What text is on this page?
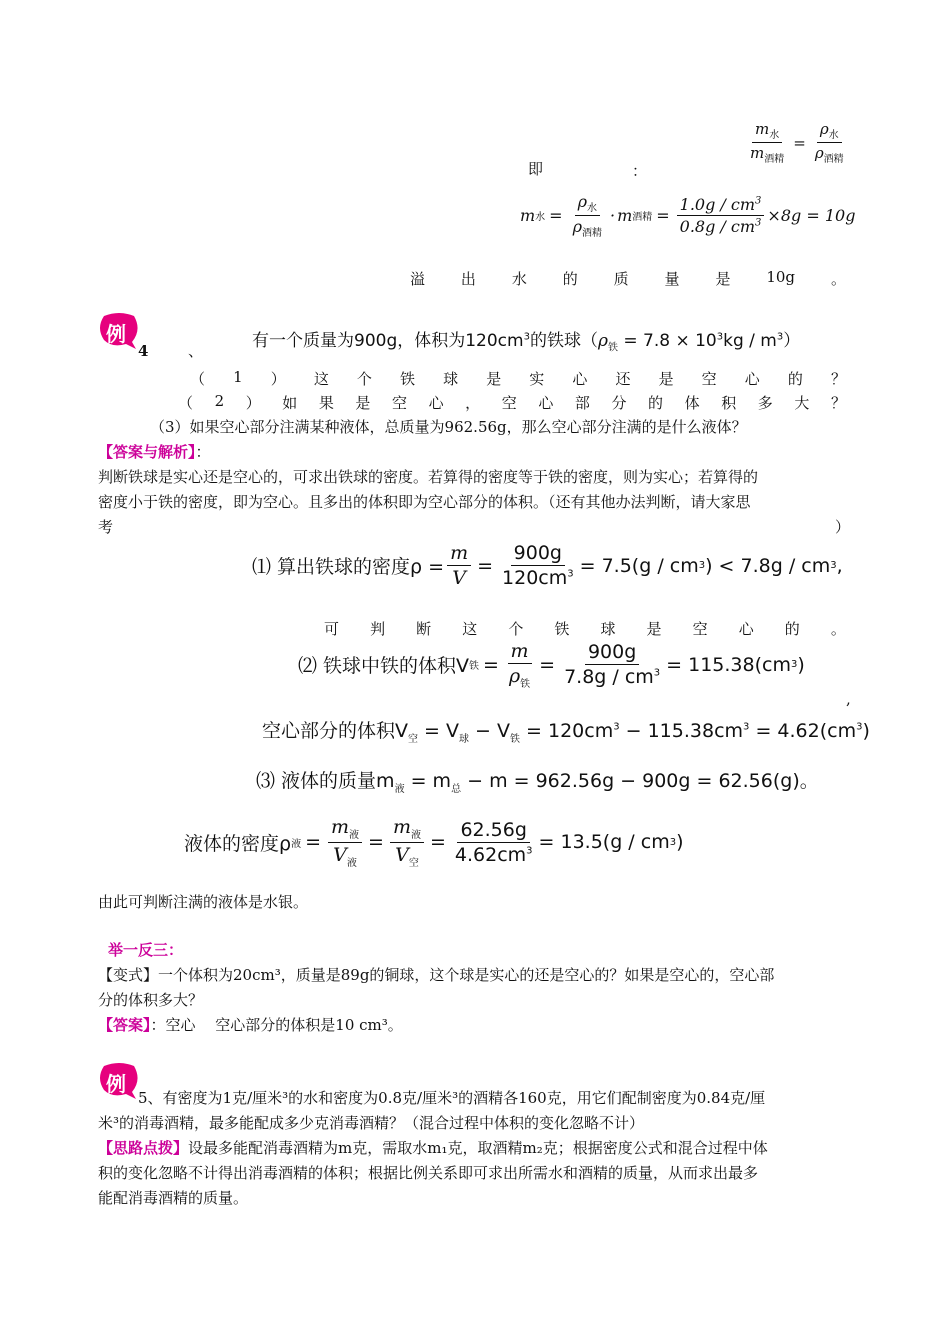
$\frac{m_水}{m_{酒精}} = \frac{\rho_水}{\rho_{酒精}}$
即	：
m 水 = $\frac{\rho_水}{\rho_{酒精}} \cdot m$ 酒精 = $\frac{1.0g / cm^3}{0.8g / cm^3} \times 8g = 10g$
溢 出 水 的 质 量 是 10g 。
例
4	、	有一个质量为900g，体积为$120cm^3$的铁球$(\rho_铁 = 7.8 \times 10^3kg / m^3)$
（ 1 ） 这 个 铁 球 是 实 心 还 是 空 心 的 ？
（ 2 ） 如 果 是 空 心 ， 空 心 部 分 的 体 积 多 大 ？
（3）如果空心部分注满某种液体，总质量为962.56g，那么空心部分注满的是什么液体？
【答案与解析】：
判断铁球是实心还是空心的，可求出铁球的密度。若算得的密度等于铁的密度，则为实心；若算得的
密度小于铁的密度，即为空心。且多出的体积即为空心部分的体积。（还有其他办法判断，请大家思
考	）
⑴ 算出铁球的密度$\rho = \frac{m}{V} = \frac{900g}{120cm^3} = 7.5(g$ / cm 3 ) < 7.8g / cm 3 ,
可 判 断 这 个 铁 球 是 空 心 的 。
⑵ 铁球中铁的体积V 铁 = $\frac{m}{\rho_铁} = \frac{900g}{7.8g / cm^3} = 115.38(cm$ 3 )
,
空心部分的体积$V_空 = V_球 - V_铁 = 120cm^3 - 115.38cm^3 = 4.62(cm^3)$
⑶ 液体的质量$m_液 = m_总 - m = 962.56g - 900g = 62.56(g)$。
液体的密度ρ 液 = $\frac{m_液}{V_液} = \frac{m_液}{V_空} = \frac{62.56g}{4.62cm^3} = 13.5(g$ / cm 3 )
由此可判断注满的液体是水银。
举一反三：
【变式】一个体积为20cm³，质量是89g的铜球，这个球是实心的还是空心的？如果是空心的，空心部
分的体积多大？
【答案】：空心　 空心部分的体积是10 cm³。
例
5、有密度为1克/厘米³的水和密度为0.8克/厘米³的酒精各160克，用它们配制密度为0.84克/厘
米³的消毒酒精，最多能配成多少克消毒酒精？（混合过程中体积的变化忽略不计）
【思路点拨】设最多能配消毒酒精为m克，需取水m₁克，取酒精m₂克；根据密度公式和混合过程中体
积的变化忽略不计得出消毒酒精的体积；根据比例关系即可求出所需水和酒精的质量，从而求出最多
能配消毒酒精的质量。
